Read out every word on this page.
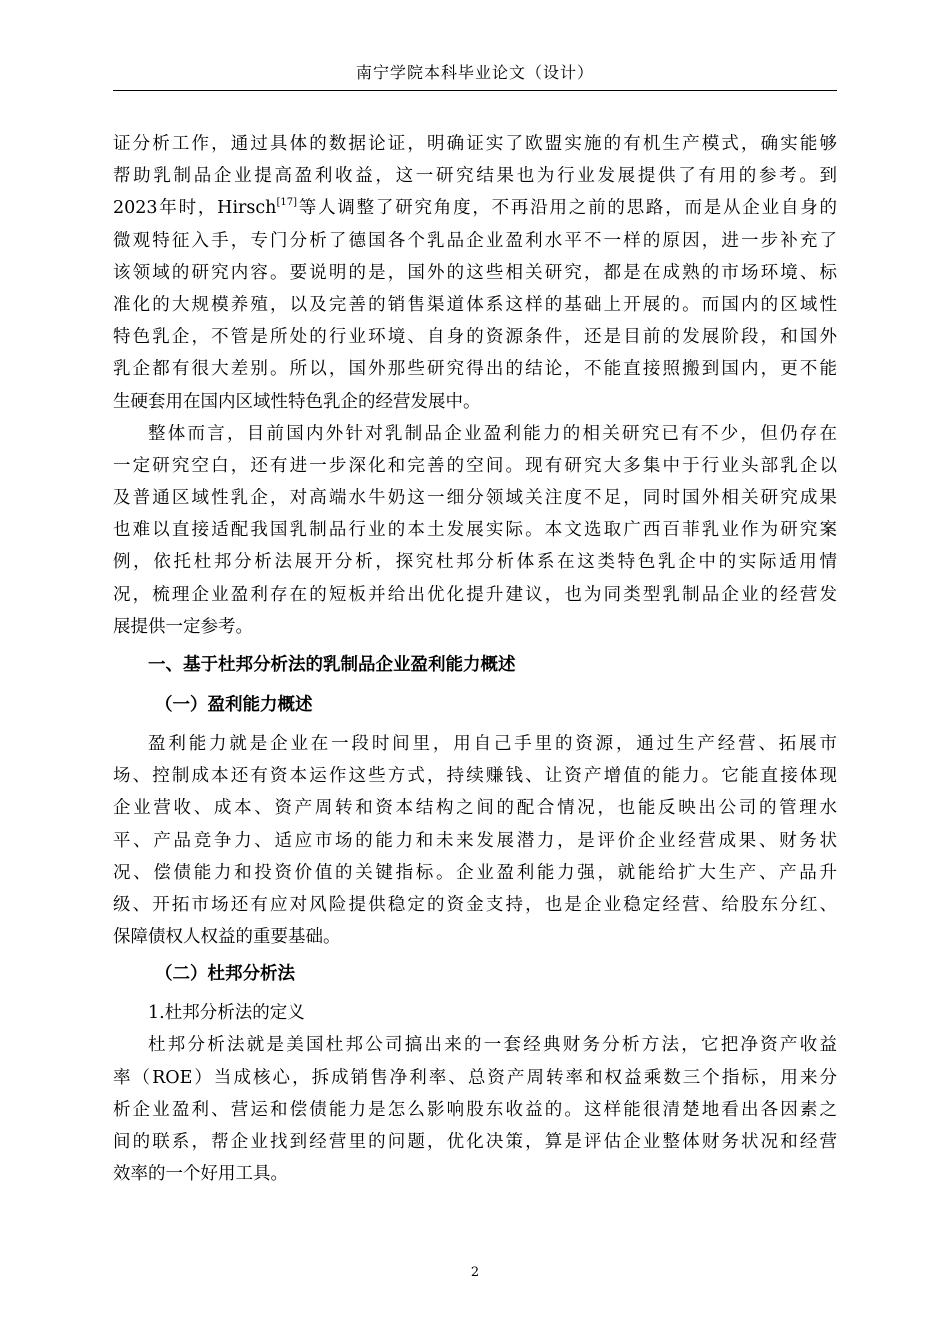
南宁学院本科毕业论文（设计）
证分析工作，通过具体的数据论证，明确证实了欧盟实施的有机生产模式，确实能够
帮助乳制品企业提高盈利收益，这一研究结果也为行业发展提供了有用的参考。到
2023年时，Hirsch[17]等人调整了研究角度，不再沿用之前的思路，而是从企业自身的
微观特征入手，专门分析了德国各个乳品企业盈利水平不一样的原因，进一步补充了
该领域的研究内容。要说明的是，国外的这些相关研究，都是在成熟的市场环境、标
准化的大规模养殖，以及完善的销售渠道体系这样的基础上开展的。而国内的区域性
特色乳企，不管是所处的行业环境、自身的资源条件，还是目前的发展阶段，和国外
乳企都有很大差别。所以，国外那些研究得出的结论，不能直接照搬到国内，更不能
生硬套用在国内区域性特色乳企的经营发展中。
整体而言，目前国内外针对乳制品企业盈利能力的相关研究已有不少，但仍存在
一定研究空白，还有进一步深化和完善的空间。现有研究大多集中于行业头部乳企以
及普通区域性乳企，对高端水牛奶这一细分领域关注度不足，同时国外相关研究成果
也难以直接适配我国乳制品行业的本土发展实际。本文选取广西百菲乳业作为研究案
例，依托杜邦分析法展开分析，探究杜邦分析体系在这类特色乳企中的实际适用情
况，梳理企业盈利存在的短板并给出优化提升建议，也为同类型乳制品企业的经营发
展提供一定参考。
一、基于杜邦分析法的乳制品企业盈利能力概述
（一）盈利能力概述
盈利能力就是企业在一段时间里，用自己手里的资源，通过生产经营、拓展市
场、控制成本还有资本运作这些方式，持续赚钱、让资产增值的能力。它能直接体现
企业营收、成本、资产周转和资本结构之间的配合情况，也能反映出公司的管理水
平、产品竞争力、适应市场的能力和未来发展潜力，是评价企业经营成果、财务状
况、偿债能力和投资价值的关键指标。企业盈利能力强，就能给扩大生产、产品升
级、开拓市场还有应对风险提供稳定的资金支持，也是企业稳定经营、给股东分红、
保障债权人权益的重要基础。
（二）杜邦分析法
1.杜邦分析法的定义
杜邦分析法就是美国杜邦公司搞出来的一套经典财务分析方法，它把净资产收益
率（ROE）当成核心，拆成销售净利率、总资产周转率和权益乘数三个指标，用来分
析企业盈利、营运和偿债能力是怎么影响股东收益的。这样能很清楚地看出各因素之
间的联系，帮企业找到经营里的问题，优化决策，算是评估企业整体财务状况和经营
效率的一个好用工具。
2
